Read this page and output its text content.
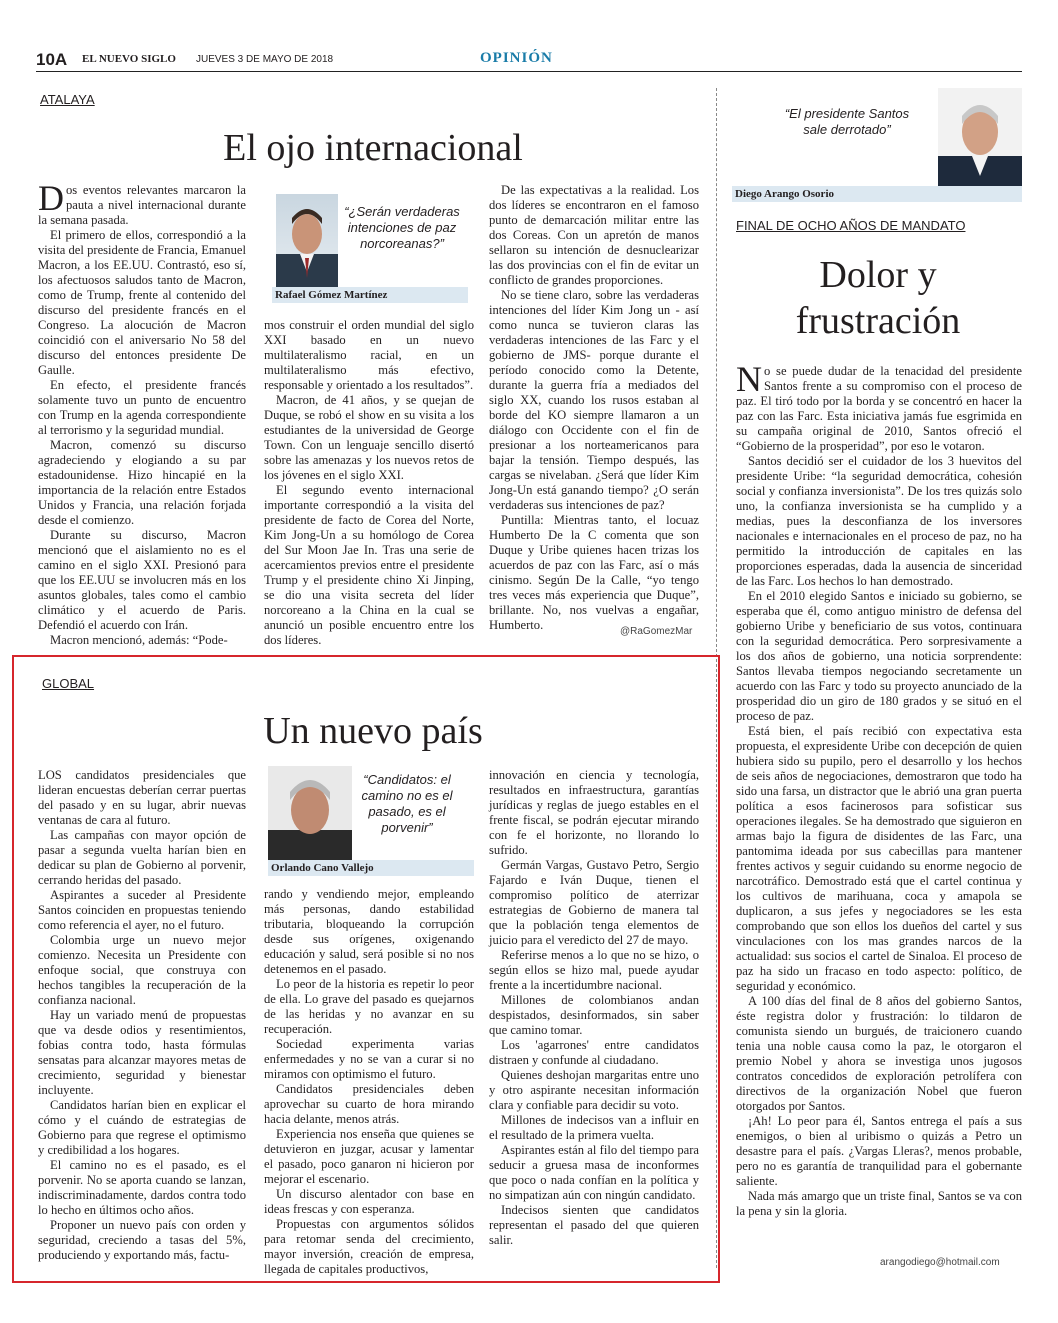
10A EL NUEVO SIGLO JUEVES 3 DE MAYO DE 2018	OPINIÓN
ATALAYA
El ojo internacional

Dos eventos relevantes marcaron la pauta a nivel internacional durante la semana pasada.

El primero de ellos, correspondió a la visita del presidente de Francia, Emanuel Macron, a los EE.UU. Contrastó, eso sí, los afectuosos saludos tanto de Macron, como de Trump, frente al contenido del discurso del presidente francés en el Congreso. La alocución de Macron coincidió con el aniversario No 58 del discurso del entonces presidente De Gaulle.

En efecto, el presidente francés solamente tuvo un punto de encuentro con Trump en la agenda correspondiente al terrorismo y la seguridad mundial.

Macron, comenzó su discurso agradeciendo y elogiando a su par estadounidense. Hizo hincapié en la importancia de la relación entre Estados Unidos y Francia, una relación forjada desde el comienzo.

Durante su discurso, Macron mencionó que el aislamiento no es el camino en el siglo XXI. Presionó para que los EE.UU se involucren más en los asuntos globales, tales como el cambio climático y el acuerdo de Paris. Defendió el acuerdo con Irán.

Macron mencionó, además: “Pode-

“¿Serán verdaderas intenciones de paz norcoreanas?”
Rafael Gómez Martínez

mos construir el orden mundial del siglo XXI basado en un nuevo multilateralismo racial, en un multilateralismo más efectivo, responsable y orientado a los resultados”.

Macron, de 41 años, y se quejan de Duque, se robó el show en su visita a los estudiantes de la universidad de George Town. Con un lenguaje sencillo disertó sobre las amenazas y los nuevos retos de los jóvenes en el siglo XXI.

El segundo evento internacional importante correspondió a la visita del presidente de facto de Corea del Norte, Kim Jong-Un a su homólogo de Corea del Sur Moon Jae In. Tras una serie de acercamientos previos entre el presidente Trump y el presidente chino Xi Jinping, se dio una visita secreta del líder norcoreano a la China en la cual se anunció un posible encuentro entre los dos líderes.

De las expectativas a la realidad. Los dos líderes se encontraron en el famoso punto de demarcación militar entre las dos Coreas. Con un apretón de manos sellaron su intención de desnuclearizar las dos provincias con el fin de evitar un conflicto de grandes proporciones.

No se tiene claro, sobre las verdaderas intenciones del líder Kim Jong un - así como nunca se tuvieron claras las verdaderas intenciones de las Farc y el gobierno de JMS- porque durante el período conocido como la Detente, durante la guerra fría a mediados del siglo XX, cuando los rusos estaban al borde del KO siempre llamaron a un diálogo con Occidente con el fin de presionar a los norteamericanos para bajar la tensión. Tiempo después, las cargas se nivelaban. ¿Será que líder Kim Jong-Un está ganando tiempo? ¿O serán verdaderas sus intenciones de paz?

Puntilla: Mientras tanto, el locuaz Humberto De la C comenta que son Duque y Uribe quienes hacen trizas los acuerdos de paz con las Farc, así o más cinismo. Según De la Calle, “yo tengo tres veces más experiencia que Duque”, brillante. No, nos vuelvas a engañar, Humberto.	@RaGomezMar
GLOBAL
Un nuevo país

LOS candidatos presidenciales que lideran encuestas deberían cerrar puertas del pasado y en su lugar, abrir nuevas ventanas de cara al futuro.

Las campañas con mayor opción de pasar a segunda vuelta harían bien en dedicar su plan de Gobierno al porvenir, cerrando heridas del pasado.

Aspirantes a suceder al Presidente Santos coinciden en propuestas teniendo como referencia el ayer, no el futuro.

Colombia urge un nuevo mejor comienzo. Necesita un Presidente con enfoque social, que construya con hechos tangibles la recuperación de la confianza nacional.

Hay un variado menú de propuestas que va desde odios y resentimientos, fobias contra todo, hasta fórmulas sensatas para alcanzar mayores metas de crecimiento, seguridad y bienestar incluyente.

Candidatos harían bien en explicar el cómo y el cuándo de estrategias de Gobierno para que regrese el optimismo y credibilidad a los hogares.

El camino no es el pasado, es el porvenir. No se aporta cuando se lanzan, indiscriminadamente, dardos contra todo lo hecho en últimos ocho años.

Proponer un nuevo país con orden y seguridad, creciendo a tasas del 5%, produciendo y exportando más, factu-

“Candidatos: el camino no es el pasado, es el porvenir”
Orlando Cano Vallejo

rando y vendiendo mejor, empleando más personas, dando estabilidad tributaria, bloqueando la corrupción desde sus orígenes, oxigenando educación y salud, será posible si no nos detenemos en el pasado.

Lo peor de la historia es repetir lo peor de ella. Lo grave del pasado es quejarnos de las heridas y no avanzar en su recuperación.

Sociedad experimenta varias enfermedades y no se van a curar si no miramos con optimismo el futuro.

Candidatos presidenciales deben aprovechar su cuarto de hora mirando hacia delante, menos atrás.

Experiencia nos enseña que quienes se detuvieron en juzgar, acusar y lamentar el pasado, poco ganaron ni hicieron por mejorar el escenario.

Un discurso alentador con base en ideas frescas y con esperanza.

Propuestas con argumentos sólidos para retomar senda del crecimiento, mayor inversión, creación de empresa, llegada de capitales productivos,

innovación en ciencia y tecnología, resultados en infraestructura, garantías jurídicas y reglas de juego estables en el frente fiscal, se podrán ejecutar mirando con fe el horizonte, no llorando lo sufrido.

Germán Vargas, Gustavo Petro, Sergio Fajardo e Iván Duque, tienen el compromiso político de aterrizar estrategias de Gobierno de manera tal que la población tenga elementos de juicio para el veredicto del 27 de mayo.

Referirse menos a lo que no se hizo, o según ellos se hizo mal, puede ayudar frente a la incertidumbre nacional.

Millones de colombianos andan despistados, desinformados, sin saber que camino tomar.

Los 'agarrones' entre candidatos distraen y confunde al ciudadano.

Quienes deshojan margaritas entre uno y otro aspirante necesitan información clara y confiable para decidir su voto.

Millones de indecisos van a influir en el resultado de la primera vuelta.

Aspirantes están al filo del tiempo para seducir a gruesa masa de inconformes que poco o nada confían en la política y no simpatizan aún con ningún candidato.

Indecisos sienten que candidatos representan el pasado del que quieren salir.

“El presidente Santos sale derrotado”
Diego Arango Osorio
FINAL DE OCHO AÑOS DE MANDATO
Dolor y frustración

No se puede dudar de la tenacidad del presidente Santos frente a su compromiso con el proceso de paz. El tiró todo por la borda y se concentró en hacer la paz con las Farc. Esta iniciativa jamás fue esgrimida en su campaña original de 2010, Santos ofreció el “Gobierno de la prosperidad”, por eso le votaron.

Santos decidió ser el cuidador de los 3 huevitos del presidente Uribe: “la seguridad democrática, cohesión social y confianza inversionista”. De los tres quizás solo uno, la confianza inversionista se ha cumplido y a medias, pues la desconfianza de los inversores nacionales e internacionales en el proceso de paz, no ha permitido la introducción de capitales en las proporciones esperadas, dada la ausencia de sinceridad de las Farc. Los hechos lo han demostrado.

En el 2010 elegido Santos e iniciado su gobierno, se esperaba que él, como antiguo ministro de defensa del gobierno Uribe y beneficiario de sus votos, continuara con la seguridad democrática. Pero sorpresivamente a los dos años de gobierno, una noticia sorprendente: Santos llevaba tiempos negociando secretamente un acuerdo con las Farc y todo su proyecto anunciado de la prosperidad dio un giro de 180 grados y se situó en el proceso de paz.

Está bien, el país recibió con expectativa esta propuesta, el expresidente Uribe con decepción de quien hubiera sido su pupilo, pero el desarrollo y los hechos de seis años de negociaciones, demostraron que todo ha sido una farsa, un distractor que le abrió una gran puerta política a esos facinerosos para sofisticar sus operaciones ilegales. Se ha demostrado que siguieron en armas bajo la figura de disidentes de las Farc, una pantomima ideada por sus cabecillas para mantener frentes activos y seguir cuidando su enorme negocio de narcotráfico. Demostrado está que el cartel continua y los cultivos de marihuana, coca y amapola se duplicaron, a sus jefes y negociadores se les esta comprobando que son ellos los dueños del cartel y sus vinculaciones con los mas grandes narcos de la actualidad: sus socios el cartel de Sinaloa. El proceso de paz ha sido un fracaso en todo aspecto: político, de seguridad y económico.

A 100 días del final de 8 años del gobierno Santos, éste registra dolor y frustración: lo tildaron de comunista siendo un burgués, de traicionero cuando tenia una noble causa como la paz, le otorgaron el premio Nobel y ahora se investiga unos jugosos contratos concedidos de exploración petrolífera con directivos de la organización Nobel que fueron otorgados por Santos.

¡Ah! Lo peor para él, Santos entrega el país a sus enemigos, o bien al uribismo o quizás a Petro un desastre para el país. ¿Vargas Lleras?, menos probable, pero no es garantía de tranquilidad para el gobernante saliente.

Nada más amargo que un triste final, Santos se va con la pena y sin la gloria.

arangodiego@hotmail.com
